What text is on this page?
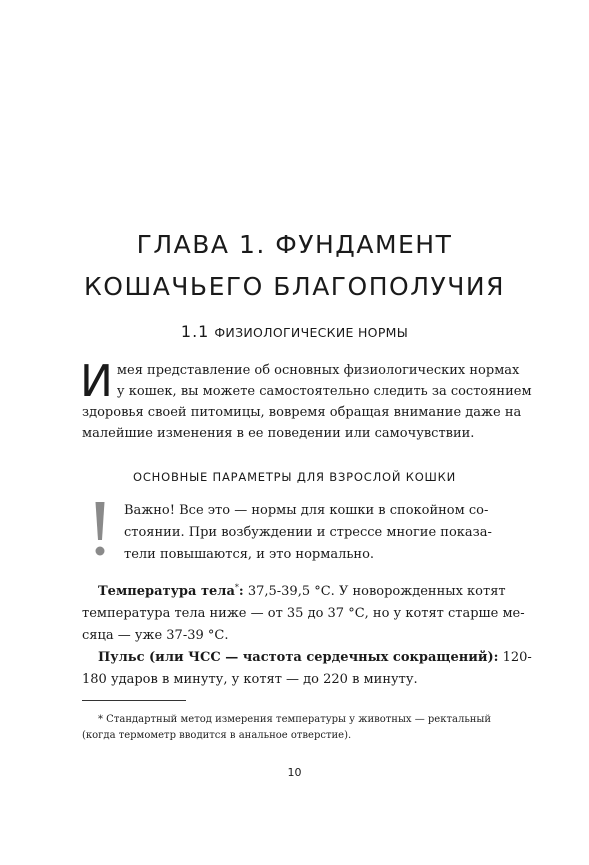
ГЛАВА 1. ФУНДАМЕНТ
КОШАЧЬЕГО БЛАГОПОЛУЧИЯ
1.1 ФИЗИОЛОГИЧЕСКИЕ НОРМЫ
И мея представление об основных физиологических нормах
у кошек, вы можете самостоятельно следить за состоянием
здоровья своей питомицы, вовремя обращая внимание даже на
малейшие изменения в ее поведении или самочувствии.
ОСНОВНЫЕ ПАРАМЕТРЫ ДЛЯ ВЗРОСЛОЙ КОШКИ
Важно! Все это — нормы для кошки в спокойном со-
стоянии. При возбуждении и стрессе многие показа-
тели повышаются, и это нормально.
Температура тела*: 37,5-39,5 °С. У новорожденных котят
температура тела ниже — от 35 до 37 °С, но у котят старше ме-
сяца — уже 37-39 °С.
Пульс (или ЧСС — частота сердечных сокращений): 120-
180 ударов в минуту, у котят — до 220 в минуту.
* Стандартный метод измерения температуры у животных — ректальный
(когда термометр вводится в анальное отверстие).
10
